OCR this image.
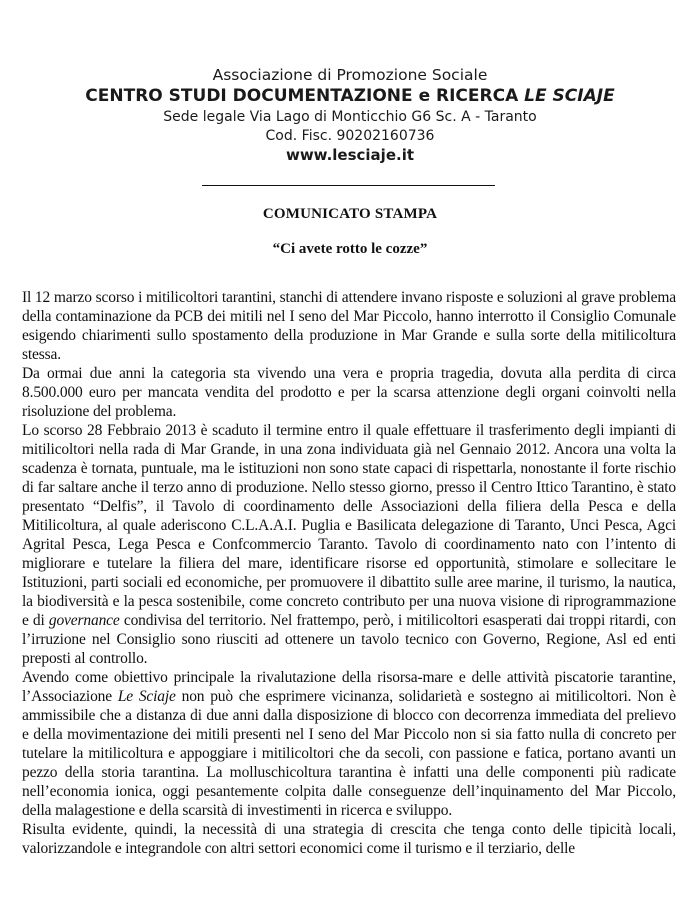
Associazione di Promozione Sociale
CENTRO STUDI DOCUMENTAZIONE e RICERCA LE SCIAJE
Sede legale Via Lago di Monticchio G6 Sc. A - Taranto
Cod. Fisc. 90202160736
www.lesciaje.it
COMUNICATO STAMPA
“Ci avete rotto le cozze”

Il 12 marzo scorso i mitilicoltori tarantini, stanchi di attendere invano risposte e soluzioni al grave problema della contaminazione da PCB dei mitili nel I seno del Mar Piccolo, hanno interrotto il Consiglio Comunale esigendo chiarimenti sullo spostamento della produzione in Mar Grande e sulla sorte della mitilicoltura stessa.

Da ormai due anni la categoria sta vivendo una vera e propria tragedia, dovuta alla perdita di circa 8.500.000 euro per mancata vendita del prodotto e per la scarsa attenzione degli organi coinvolti nella risoluzione del problema.

Lo scorso 28 Febbraio 2013 è scaduto il termine entro il quale effettuare il trasferimento degli impianti di mitilicoltori nella rada di Mar Grande, in una zona individuata già nel Gennaio 2012. Ancora una volta la scadenza è tornata, puntuale, ma le istituzioni non sono state capaci di rispettarla, nonostante il forte rischio di far saltare anche il terzo anno di produzione. Nello stesso giorno, presso il Centro Ittico Tarantino, è stato presentato “Delfis”, il Tavolo di coordinamento delle Associazioni della filiera della Pesca e della Mitilicoltura, al quale aderiscono C.L.A.A.I. Puglia e Basilicata delegazione di Taranto, Unci Pesca, Agci Agrital Pesca, Lega Pesca e Confcommercio Taranto. Tavolo di coordinamento nato con l’intento di migliorare e tutelare la filiera del mare, identificare risorse ed opportunità, stimolare e sollecitare le Istituzioni, parti sociali ed economiche, per promuovere il dibattito sulle aree marine, il turismo, la nautica, la biodiversità e la pesca sostenibile, come concreto contributo per una nuova visione di riprogrammazione e di governance condivisa del territorio. Nel frattempo, però, i mitilicoltori esasperati dai troppi ritardi, con l’irruzione nel Consiglio sono riusciti ad ottenere un tavolo tecnico con Governo, Regione, Asl ed enti preposti al controllo.

Avendo come obiettivo principale la rivalutazione della risorsa-mare e delle attività piscatorie tarantine, l’Associazione Le Sciaje non può che esprimere vicinanza, solidarietà e sostegno ai mitilicoltori. Non è ammissibile che a distanza di due anni dalla disposizione di blocco con decorrenza immediata del prelievo e della movimentazione dei mitili presenti nel I seno del Mar Piccolo non si sia fatto nulla di concreto per tutelare la mitilicoltura e appoggiare i mitilicoltori che da secoli, con passione e fatica, portano avanti un pezzo della storia tarantina. La molluschicoltura tarantina è infatti una delle componenti più radicate nell’economia ionica, oggi pesantemente colpita dalle conseguenze dell’inquinamento del Mar Piccolo, della malagestione e della scarsità di investimenti in ricerca e sviluppo.

Risulta evidente, quindi, la necessità di una strategia di crescita che tenga conto delle tipicità locali, valorizzandole e integrandole con altri settori economici come il turismo e il terziario, delle
